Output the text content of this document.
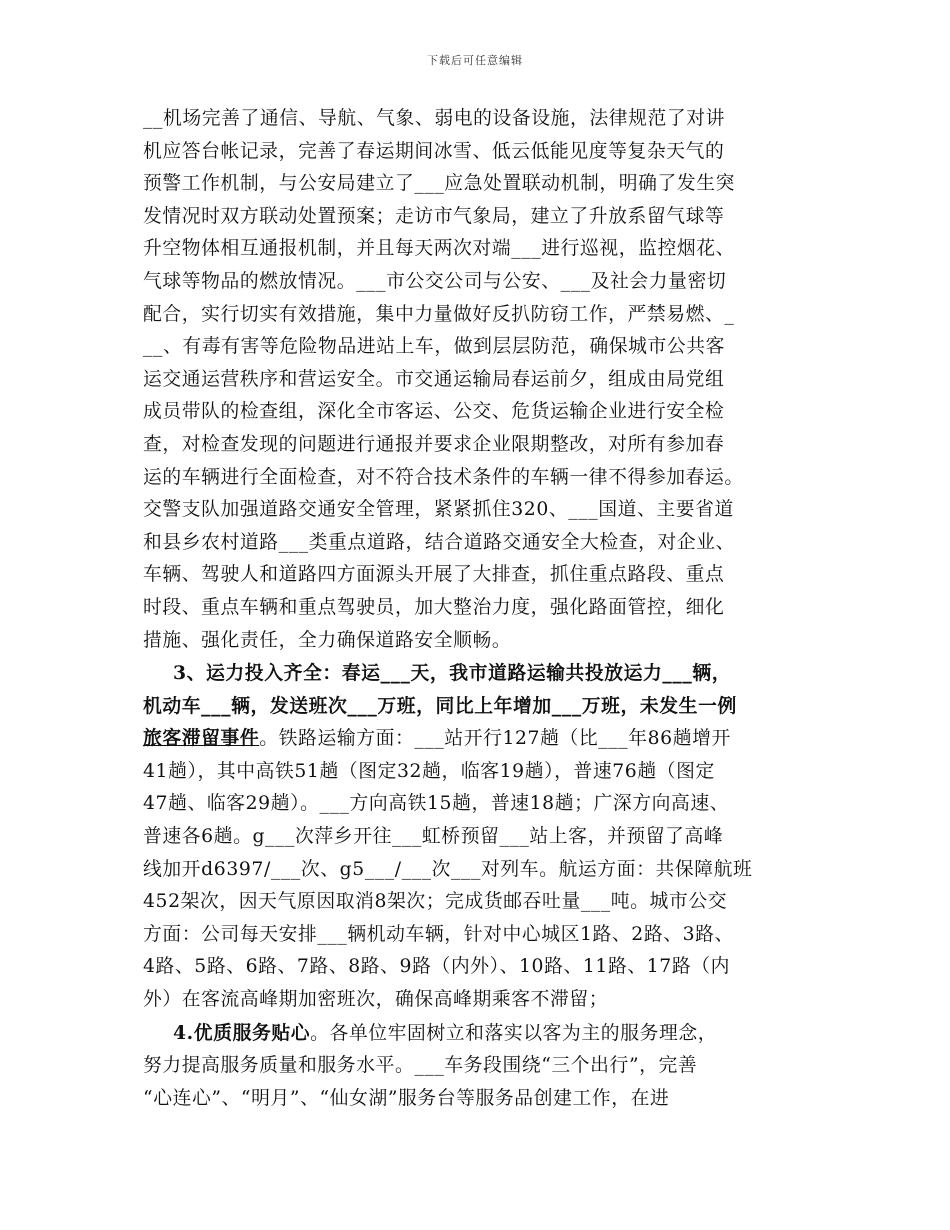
下载后可任意编辑
__机场完善了通信、导航、气象、弱电的设备设施，法律规范了对讲
机应答台帐记录，完善了春运期间冰雪、低云低能见度等复杂天气的
预警工作机制，与公安局建立了___应急处置联动机制，明确了发生突
发情况时双方联动处置预案；走访市气象局，建立了升放系留气球等
升空物体相互通报机制，并且每天两次对端___进行巡视，监控烟花、
气球等物品的燃放情况。___市公交公司与公安、___及社会力量密切
配合，实行切实有效措施，集中力量做好反扒防窃工作，严禁易燃、_
__、有毒有害等危险物品进站上车，做到层层防范，确保城市公共客
运交通运营秩序和营运安全。市交通运输局春运前夕，组成由局党组
成员带队的检查组，深化全市客运、公交、危货运输企业进行安全检
查，对检查发现的问题进行通报并要求企业限期整改，对所有参加春
运的车辆进行全面检查，对不符合技术条件的车辆一律不得参加春运。
交警支队加强道路交通安全管理，紧紧抓住320、___国道、主要省道
和县乡农村道路___类重点道路，结合道路交通安全大检查，对企业、
车辆、驾驶人和道路四方面源头开展了大排查，抓住重点路段、重点
时段、重点车辆和重点驾驶员，加大整治力度，强化路面管控，细化
措施、强化责任，全力确保道路安全顺畅。
3、运力投入齐全：春运___天，我市道路运输共投放运力___辆，
机动车___辆，发送班次___万班，同比上年增加___万班，未发生一例
旅客滞留事件。铁路运输方面：___站开行127趟（比___年86趟增开
41趟），其中高铁51趟（图定32趟，临客19趟），普速76趟（图定
47趟、临客29趟）。___方向高铁15趟，普速18趟；广深方向高速、
普速各6趟。g___次萍乡开往___虹桥预留___站上客，并预留了高峰
线加开d6397/___次、g5___/___次___对列车。航运方面：共保障航班
452架次，因天气原因取消8架次；完成货邮吞吐量___吨。城市公交
方面：公司每天安排___辆机动车辆，针对中心城区1路、2路、3路、
4路、5路、6路、7路、8路、9路（内外）、10路、11路、17路（内
外）在客流高峰期加密班次，确保高峰期乘客不滞留；
4.优质服务贴心。各单位牢固树立和落实以客为主的服务理念，
努力提高服务质量和服务水平。___车务段围绕“三个出行”，完善
“心连心”、“明月”、“仙女湖”服务台等服务品创建工作，在进
